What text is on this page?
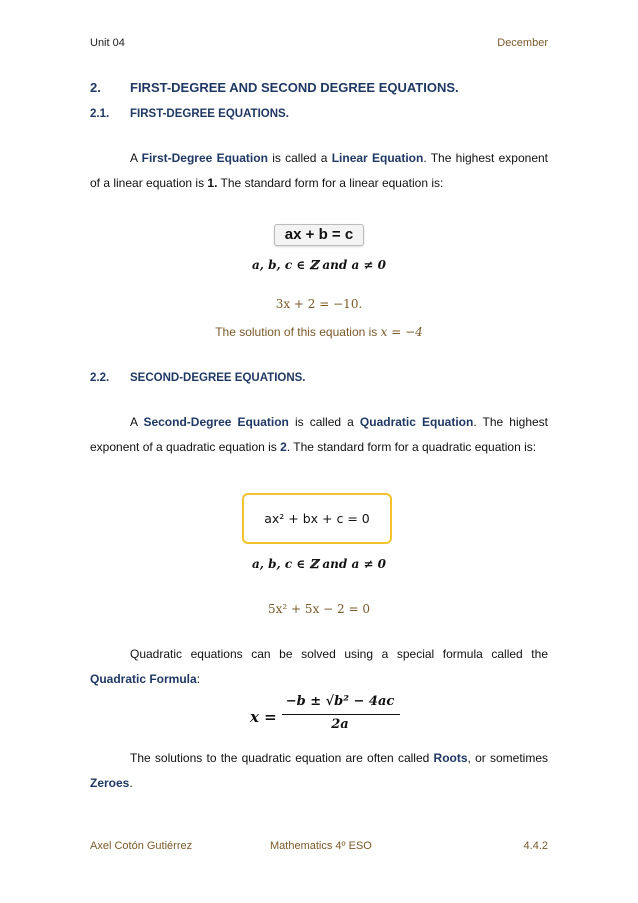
Unit 04	December
2. FIRST-DEGREE AND SECOND DEGREE EQUATIONS.
2.1. FIRST-DEGREE EQUATIONS.
A First-Degree Equation is called a Linear Equation. The highest exponent of a linear equation is 1. The standard form for a linear equation is:
ax + b = c
a, b, c ∈ ℤ and a ≠ 0
3x + 2 = −10.
The solution of this equation is x = −4
2.2. SECOND-DEGREE EQUATIONS.
A Second-Degree Equation is called a Quadratic Equation. The highest exponent of a quadratic equation is 2. The standard form for a quadratic equation is:
ax² + bx + c = 0
a, b, c ∈ ℤ and a ≠ 0
5x² + 5x − 2 = 0
Quadratic equations can be solved using a special formula called the Quadratic Formula:
x =
−b ± √b² − 4ac
2a
The solutions to the quadratic equation are often called Roots, or sometimes Zeroes.
Axel Cotón Gutiérrez	Mathematics 4º ESO	4.4.2
